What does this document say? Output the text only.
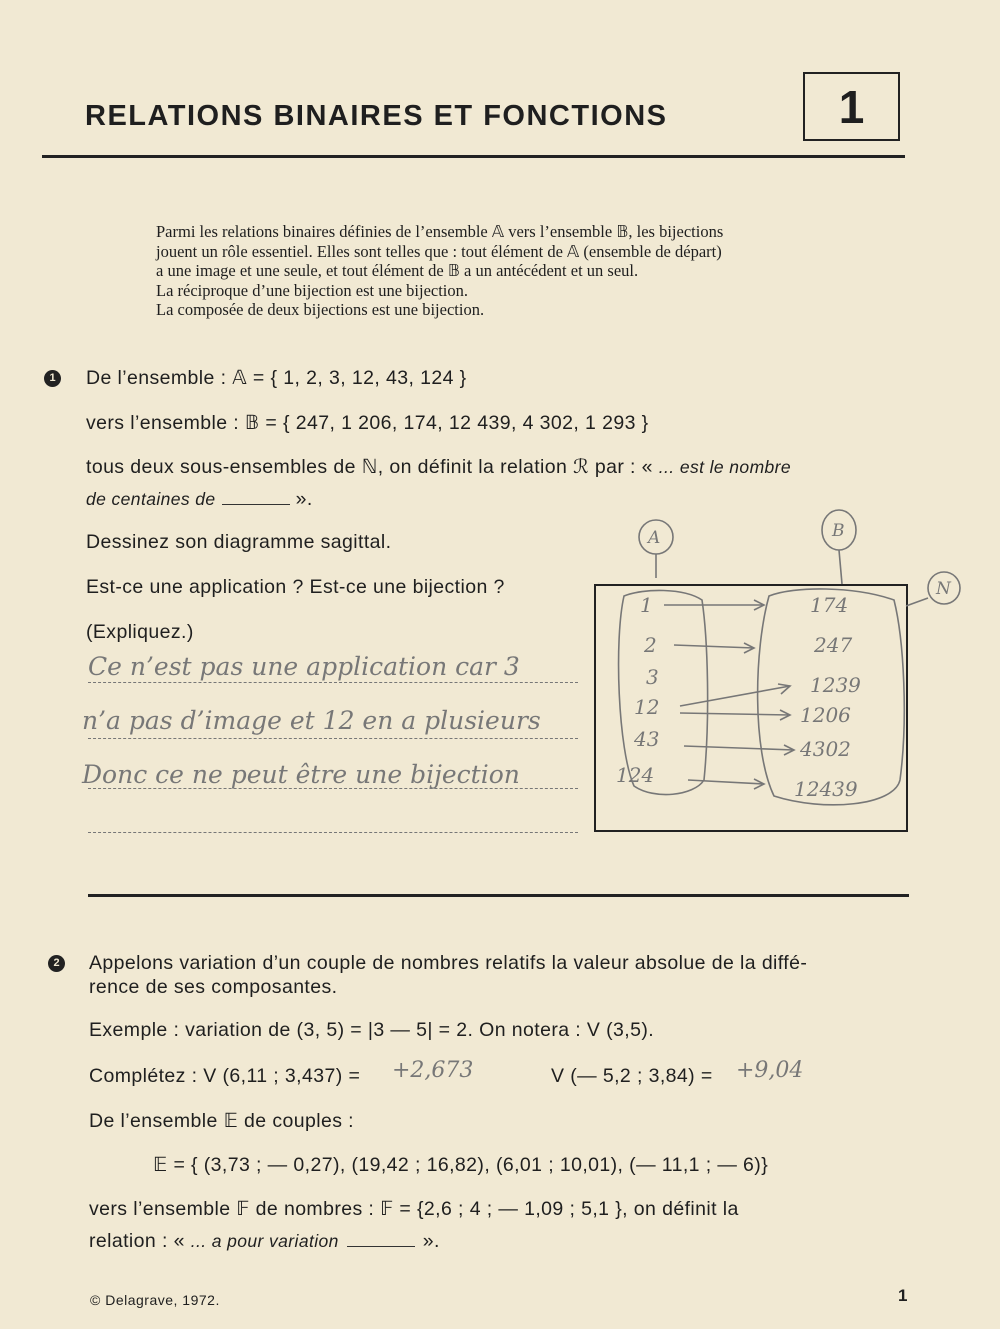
RELATIONS BINAIRES ET FONCTIONS	1
Parmi les relations binaires définies de l’ensemble 𝔸 vers l’ensemble 𝔹, les bijections
jouent un rôle essentiel. Elles sont telles que : tout élément de 𝔸 (ensemble de départ)
a une image et une seule, et tout élément de 𝔹 a un antécédent et un seul.
La réciproque d’une bijection est une bijection.
La composée de deux bijections est une bijection.
1 De l’ensemble : 𝔸 = { 1, 2, 3, 12, 43, 124 }
vers l’ensemble : 𝔹 = { 247, 1 206, 174, 12 439, 4 302, 1 293 }
tous deux sous-ensembles de ℕ, on définit la relation ℛ par : « ... est le nombre
de centaines de	».
Dessinez son diagramme sagittal.
Est-ce une application ? Est-ce une bijection ?
(Expliquez.)
Ce n’est pas une application car 3
n’a pas d’image et 12 en a plusieurs
Donc ce ne peut être une bijection
A	B
N
1
2
3
12
43
124
174
247
1239
1206
4302
12439
2 Appelons variation d’un couple de nombres relatifs la valeur absolue de la diffé-
rence de ses composantes.
Exemple : variation de (3, 5) = |3 — 5| = 2. On notera : V (3,5).
Complétez : V (6,11 ; 3,437) = +2,673	V (— 5,2 ; 3,84) = +9,04
De l’ensemble 𝔼 de couples :
𝔼 = { (3,73 ; — 0,27), (19,42 ; 16,82), (6,01 ; 10,01), (— 11,1 ; — 6)}
vers l’ensemble 𝔽 de nombres : 𝔽 = {2,6 ; 4 ; — 1,09 ; 5,1 }, on définit la
relation : « ... a pour variation	».
© Delagrave, 1972.	1
